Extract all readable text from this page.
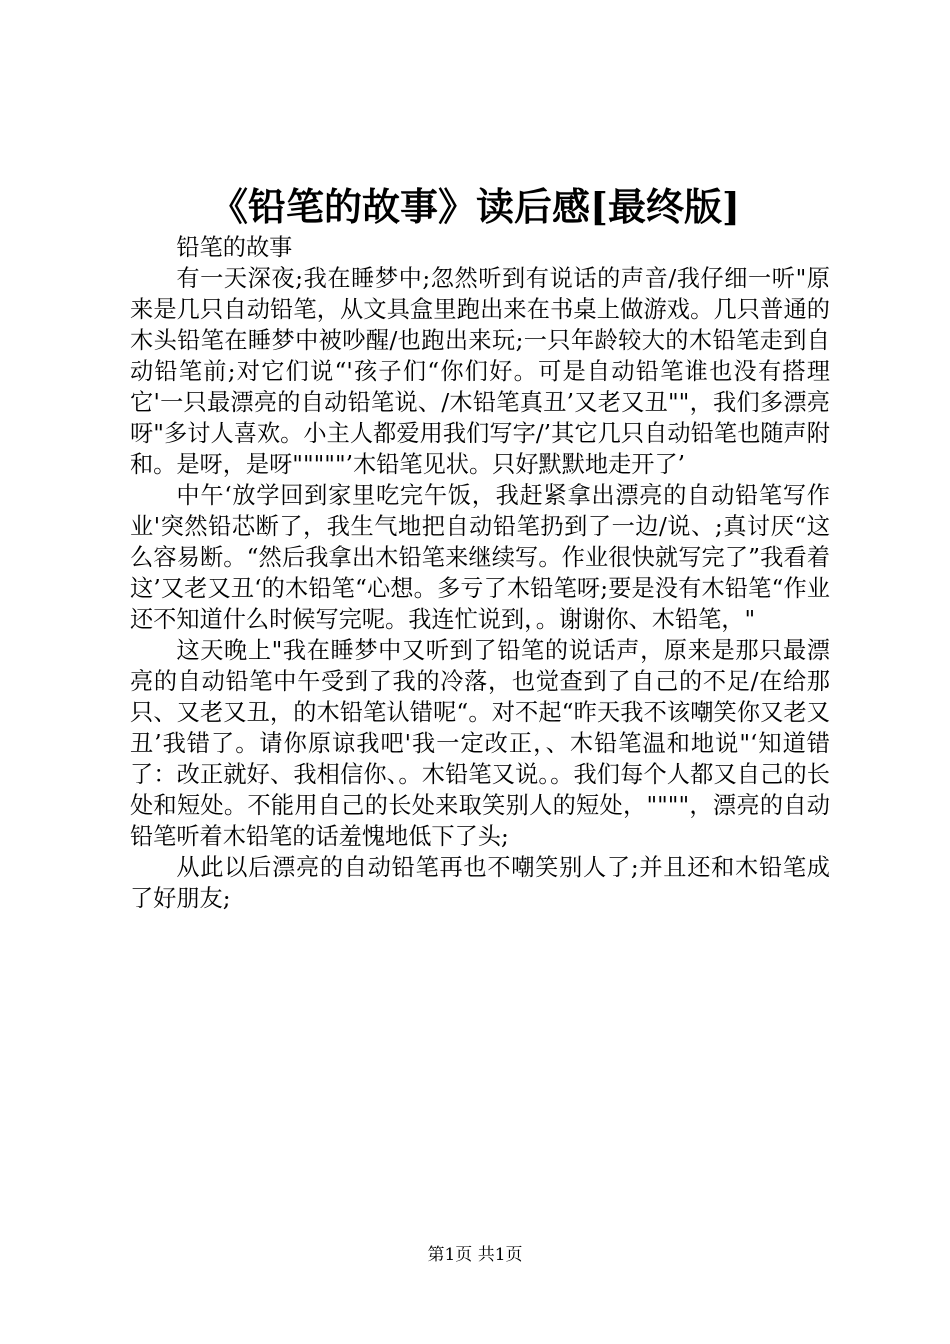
《铅笔的故事》读后感[最终版]

铅笔的故事

有一天深夜;我在睡梦中;忽然听到有说话的声音/我仔细一听"原来是几只自动铅笔，从文具盒里跑出来在书桌上做游戏。几只普通的木头铅笔在睡梦中被吵醒/也跑出来玩;一只年龄较大的木铅笔走到自动铅笔前;对它们说“'孩子们“你们好。可是自动铅笔谁也没有搭理它'一只最漂亮的自动铅笔说、/木铅笔真丑’又老又丑""，我们多漂亮呀"多讨人喜欢。小主人都爱用我们写字/’其它几只自动铅笔也随声附和。是呀，是呀"""""’木铅笔见状。只好默默地走开了’

中午‘放学回到家里吃完午饭，我赶紧拿出漂亮的自动铅笔写作业'突然铅芯断了，我生气地把自动铅笔扔到了一边/说、;真讨厌“这么容易断。“然后我拿出木铅笔来继续写。作业很快就写完了”我看着这’又老又丑‘的木铅笔“心想。多亏了木铅笔呀;要是没有木铅笔“作业还不知道什么时候写完呢。我连忙说到，。谢谢你、木铅笔，"

这天晚上"我在睡梦中又听到了铅笔的说话声，原来是那只最漂亮的自动铅笔中午受到了我的冷落，也觉查到了自己的不足/在给那只、又老又丑，的木铅笔认错呢“。对不起“昨天我不该嘲笑你又老又丑’我错了。请你原谅我吧'我一定改正，、木铅笔温和地说"‘知道错了：改正就好、我相信你、。木铅笔又说。。我们每个人都又自己的长处和短处。不能用自己的长处来取笑别人的短处，""""，漂亮的自动铅笔听着木铅笔的话羞愧地低下了头;

从此以后漂亮的自动铅笔再也不嘲笑别人了;并且还和木铅笔成了好朋友;

第1页 共1页
